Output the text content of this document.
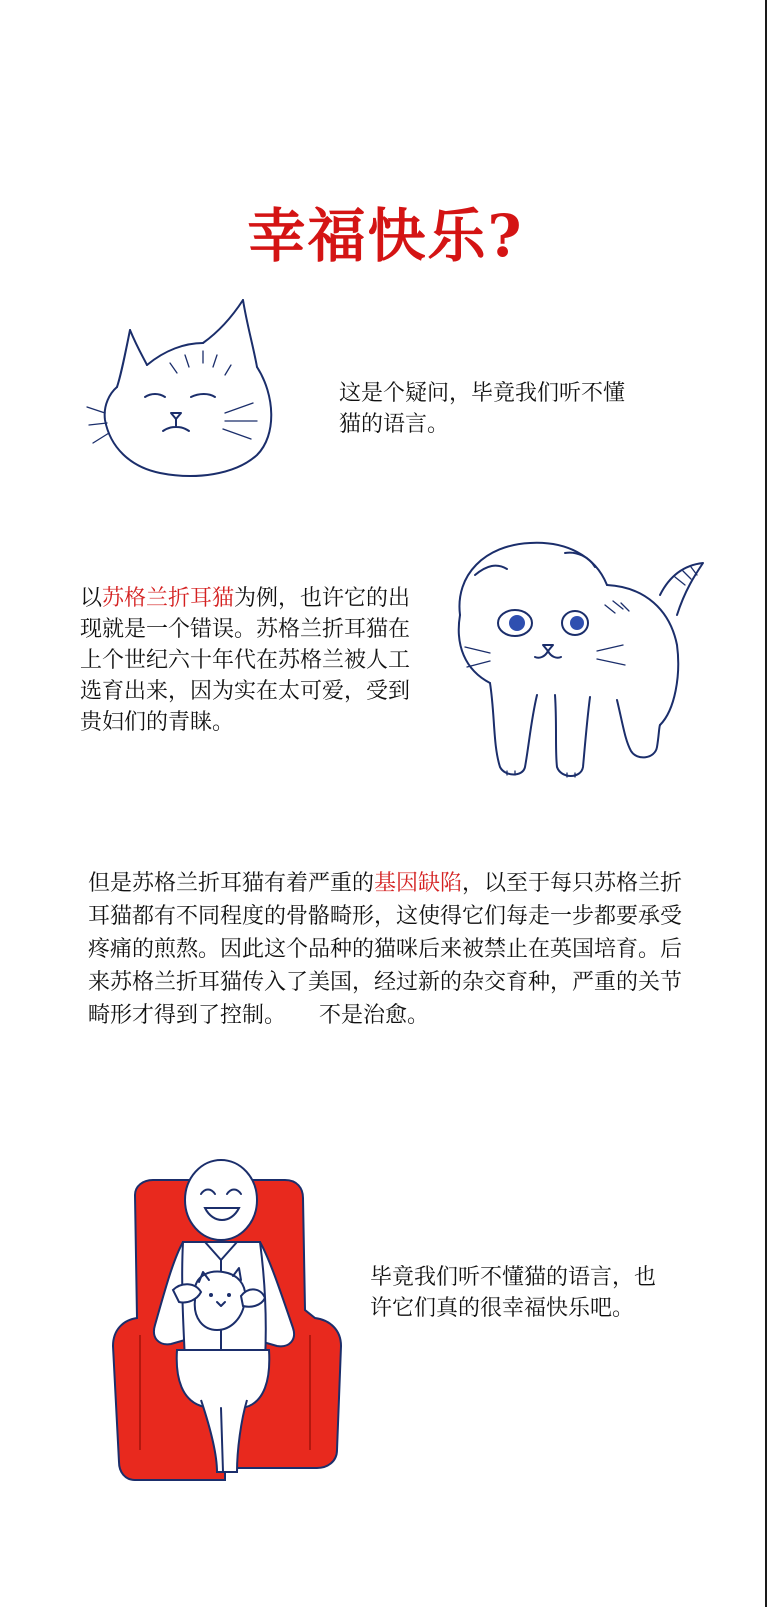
幸福快乐?

这是个疑问，毕竟我们听不懂猫的语言。

以苏格兰折耳猫为例，也许它的出现就是一个错误。苏格兰折耳猫在上个世纪六十年代在苏格兰被人工选育出来，因为实在太可爱，受到贵妇们的青睐。

但是苏格兰折耳猫有着严重的基因缺陷，以至于每只苏格兰折耳猫都有不同程度的骨骼畸形，这使得它们每走一步都要承受疼痛的煎熬。因此这个品种的猫咪后来被禁止在英国培育。后来苏格兰折耳猫传入了美国，经过新的杂交育种，严重的关节畸形才得到了控制。　　不是治愈。

毕竟我们听不懂猫的语言，也许它们真的很幸福快乐吧。
